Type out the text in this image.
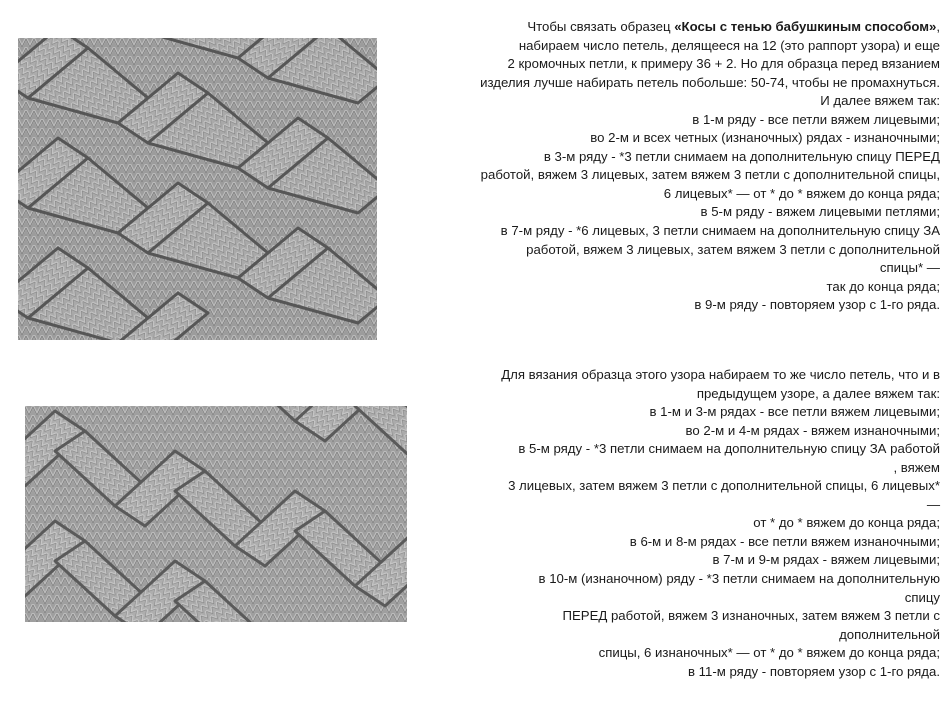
Чтобы связать образец «Косы с тенью бабушкиным способом»,
набираем число петель, делящееся на 12 (это раппорт узора) и еще
2 кромочных петли, к примеру 36 + 2. Но для образца перед вязанием
изделия лучше набирать петель побольше: 50-74, чтобы не промахнуться.
И далее вяжем так:
в 1-м ряду - все петли вяжем лицевыми;
во 2-м и всех четных (изнаночных) рядах - изнаночными;
в 3-м ряду - *3 петли снимаем на дополнительную спицу ПЕРЕД
работой, вяжем 3 лицевых, затем вяжем 3 петли с дополнительной спицы,
6 лицевых* — от * до * вяжем до конца ряда;
в 5-м ряду - вяжем лицевыми петлями;
в 7-м ряду - *6 лицевых, 3 петли снимаем на дополнительную спицу ЗА
работой, вяжем 3 лицевых, затем вяжем 3 петли с дополнительной
спицы* —
так до конца ряда;
в 9-м ряду - повторяем узор с 1-го ряда.
Для вязания образца этого узора набираем то же число петель, что и в
предыдущем узоре, а далее вяжем так:
в 1-м и 3-м рядах - все петли вяжем лицевыми;
во 2-м и 4-м рядах - вяжем изнаночными;
в 5-м ряду - *3 петли снимаем на дополнительную спицу ЗА работой
, вяжем
3 лицевых, затем вяжем 3 петли с дополнительной спицы, 6 лицевых*
—
от * до * вяжем до конца ряда;
в 6-м и 8-м рядах - все петли вяжем изнаночными;
в 7-м и 9-м рядах - вяжем лицевыми;
в 10-м (изнаночном) ряду - *3 петли снимаем на дополнительную
спицу
ПЕРЕД работой, вяжем 3 изнаночных, затем вяжем 3 петли с
дополнительной
спицы, 6 изнаночных* — от * до * вяжем до конца ряда;
в 11-м ряду - повторяем узор с 1-го ряда.
